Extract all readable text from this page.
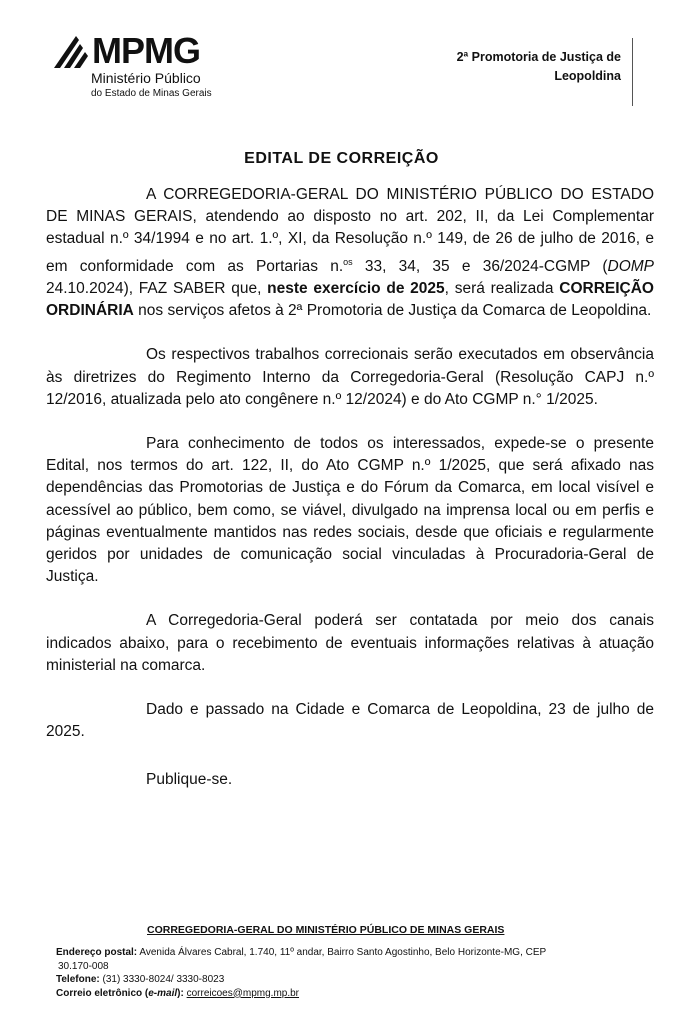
MPMG
Ministério Público
do Estado de Minas Gerais
2ª Promotoria de Justiça de
Leopoldina
EDITAL DE CORREIÇÃO

A CORREGEDORIA-GERAL DO MINISTÉRIO PÚBLICO DO ESTADO DE MINAS GERAIS, atendendo ao disposto no art. 202, II, da Lei Complementar estadual n.º 34/1994 e no art. 1.º, XI, da Resolução n.º 149, de 26 de julho de 2016, e em conformidade com as Portarias n.$^{os}$ 33, 34, 35 e 36/2024-CGMP (DOMP 24.10.2024), FAZ SABER que, neste exercício de 2025, será realizada CORREIÇÃO ORDINÁRIA nos serviços afetos à 2ª Promotoria de Justiça da Comarca de Leopoldina.

Os respectivos trabalhos correcionais serão executados em observância às diretrizes do Regimento Interno da Corregedoria-Geral (Resolução CAPJ n.º 12/2016, atualizada pelo ato congênere n.º 12/2024) e do Ato CGMP n.° 1/2025.

Para conhecimento de todos os interessados, expede-se o presente Edital, nos termos do art. 122, II, do Ato CGMP n.º 1/2025, que será afixado nas dependências das Promotorias de Justiça e do Fórum da Comarca, em local visível e acessível ao público, bem como, se viável, divulgado na imprensa local ou em perfis e páginas eventualmente mantidos nas redes sociais, desde que oficiais e regularmente geridos por unidades de comunicação social vinculadas à Procuradoria-Geral de Justiça.

A Corregedoria-Geral poderá ser contatada por meio dos canais indicados abaixo, para o recebimento de eventuais informações relativas à atuação ministerial na comarca.

Dado e passado na Cidade e Comarca de Leopoldina, 23 de julho de 2025.

Publique-se.

CORREGEDORIA-GERAL DO MINISTÉRIO PÚBLICO DE MINAS GERAIS
Endereço postal: Avenida Álvares Cabral, 1.740, 11º andar, Bairro Santo Agostinho, Belo Horizonte-MG, CEP
30.170-008
Telefone: (31) 3330-8024/ 3330-8023
Correio eletrônico (e-mail): correicoes@mpmg.mp.br
